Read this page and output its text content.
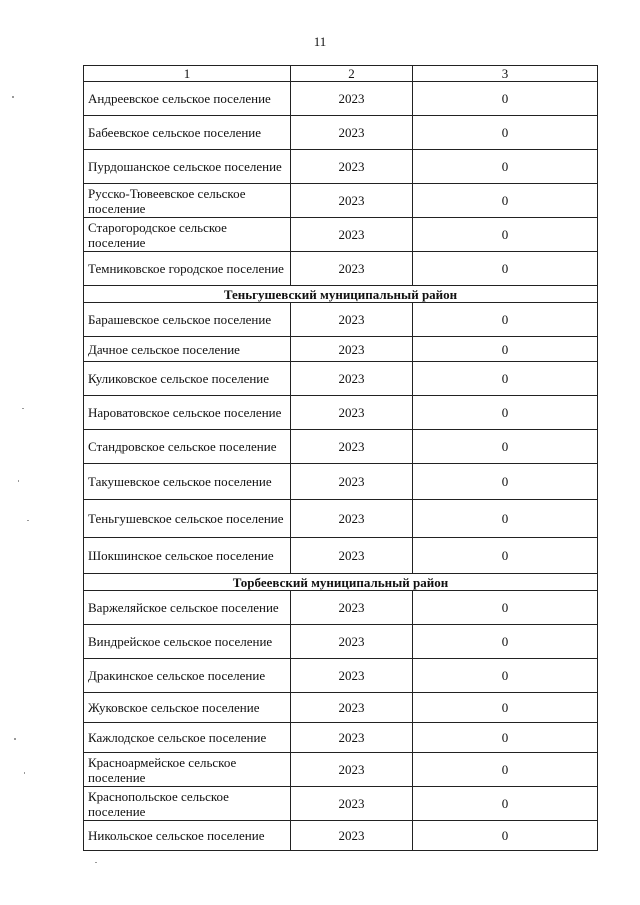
11
1	2	3
Андреевское сельское поселение	2023	0
Бабеевское сельское поселение	2023	0
Пурдошанское сельское поселение	2023	0
Русско-Тювеевское сельское поселение	2023	0
Старогородское сельское поселение	2023	0
Темниковское городское поселение	2023	0
Теньгушевский муниципальный район		
Барашевское сельское поселение	2023	0
Дачное сельское поселение	2023	0
Куликовское сельское поселение	2023	0
Нароватовское сельское поселение	2023	0
Стандровское сельское поселение	2023	0
Такушевское сельское поселение	2023	0
Теньгушевское сельское поселение	2023	0
Шокшинское сельское поселение	2023	0
Торбеевский муниципальный район		
Варжеляйское сельское поселение	2023	0
Виндрейское сельское поселение	2023	0
Дракинское сельское поселение	2023	0
Жуковское сельское поселение	2023	0
Кажлодское сельское поселение	2023	0
Красноармейское сельское поселение	2023	0
Краснопольское сельское поселение	2023	0
Никольское сельское поселение	2023	0
